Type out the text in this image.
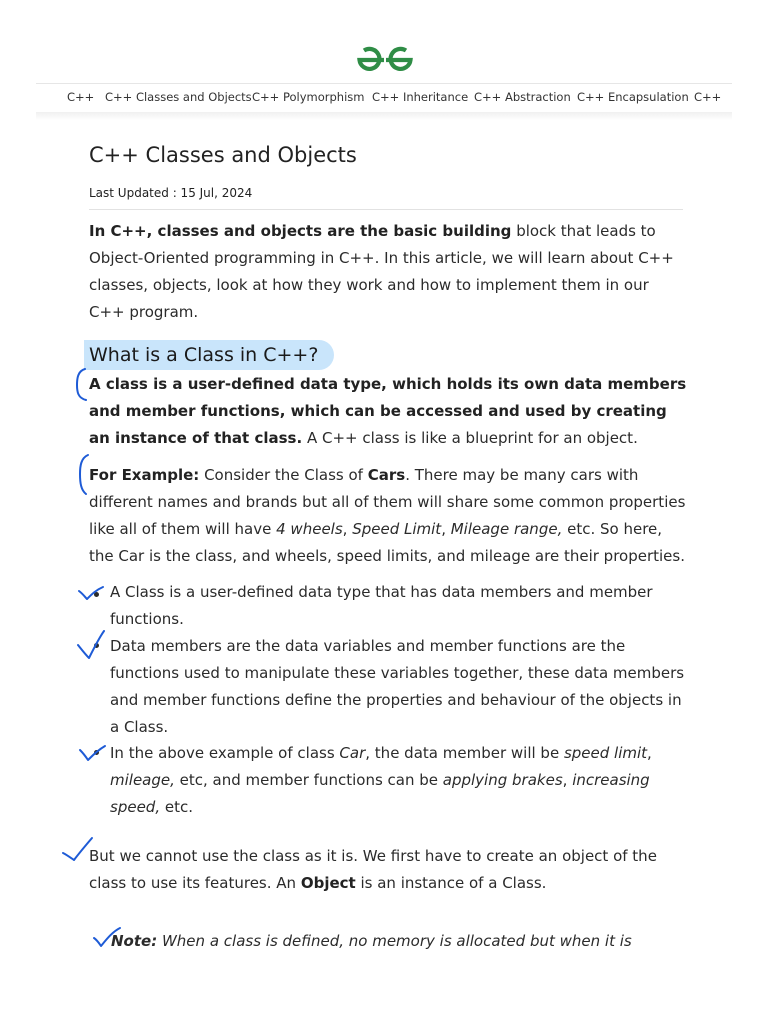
C++ C++ Classes and Objects C++ Polymorphism C++ Inheritance C++ Abstraction C++ Encapsulation C++
C++ Classes and Objects
Last Updated : 15 Jul, 2024

In C++, classes and objects are the basic building block that leads to Object-Oriented programming in C++. In this article, we will learn about C++ classes, objects, look at how they work and how to implement them in our C++ program.

What is a Class in C++?

A class is a user-defined data type, which holds its own data members and member functions, which can be accessed and used by creating an instance of that class. A C++ class is like a blueprint for an object.

For Example: Consider the Class of Cars. There may be many cars with different names and brands but all of them will share some common properties like all of them will have 4 wheels, Speed Limit, Mileage range, etc. So here, the Car is the class, and wheels, speed limits, and mileage are their properties.

A Class is a user-defined data type that has data members and member functions.

Data members are the data variables and member functions are the functions used to manipulate these variables together, these data members and member functions define the properties and behaviour of the objects in a Class.

In the above example of class Car, the data member will be speed limit, mileage, etc, and member functions can be applying brakes, increasing speed, etc.

But we cannot use the class as it is. We first have to create an object of the class to use its features. An Object is an instance of a Class.

Note: When a class is defined, no memory is allocated but when it is
